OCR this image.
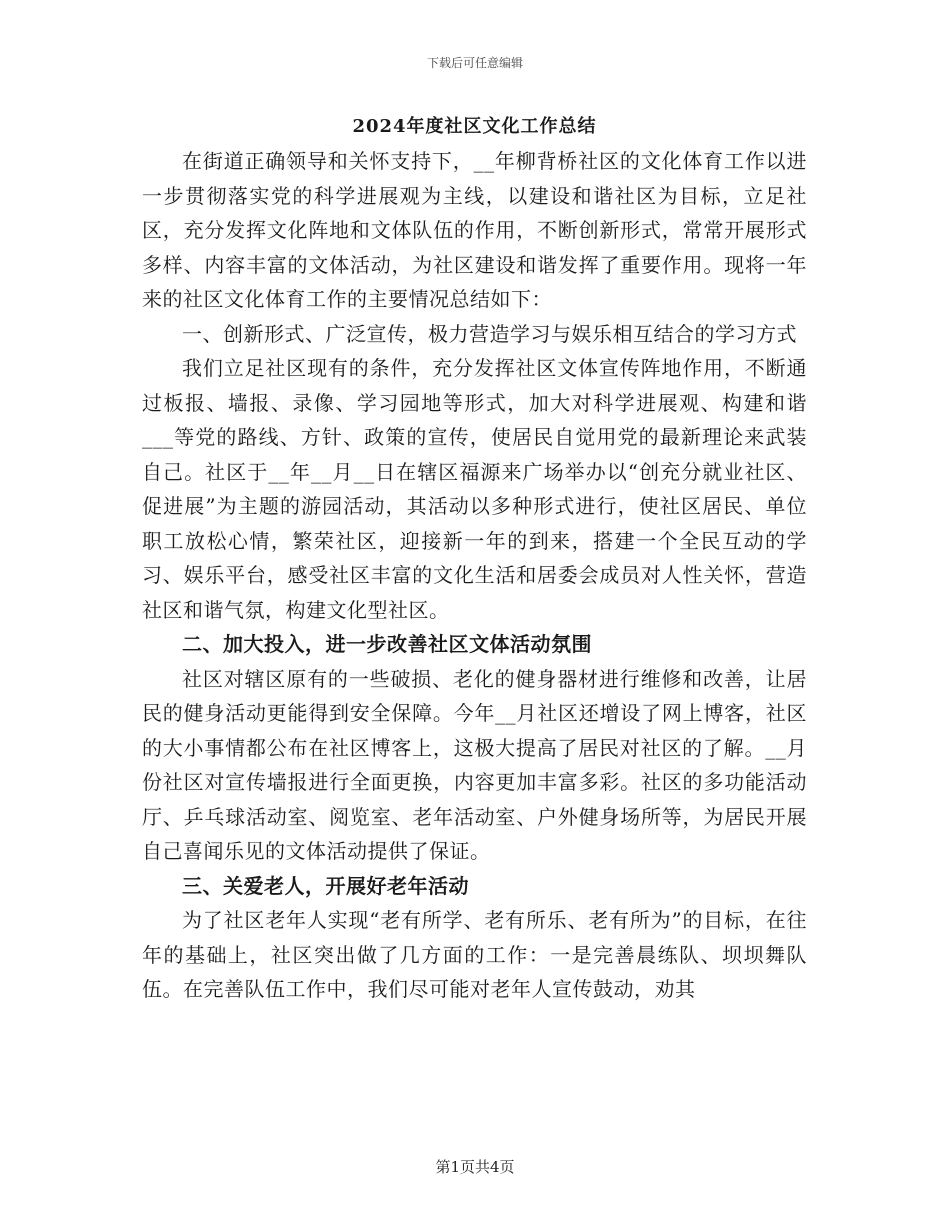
下载后可任意编辑
2024年度社区文化工作总结

在街道正确领导和关怀支持下，__年柳背桥社区的文化体育工作以进一步贯彻落实党的科学进展观为主线，以建设和谐社区为目标，立足社区，充分发挥文化阵地和文体队伍的作用，不断创新形式，常常开展形式多样、内容丰富的文体活动，为社区建设和谐发挥了重要作用。现将一年来的社区文化体育工作的主要情况总结如下：

一、创新形式、广泛宣传，极力营造学习与娱乐相互结合的学习方式

我们立足社区现有的条件，充分发挥社区文体宣传阵地作用，不断通过板报、墙报、录像、学习园地等形式，加大对科学进展观、构建和谐___等党的路线、方针、政策的宣传，使居民自觉用党的最新理论来武装自己。社区于__年__月__日在辖区福源来广场举办以“创充分就业社区、促进展”为主题的游园活动，其活动以多种形式进行，使社区居民、单位职工放松心情，繁荣社区，迎接新一年的到来，搭建一个全民互动的学习、娱乐平台，感受社区丰富的文化生活和居委会成员对人性关怀，营造社区和谐气氛，构建文化型社区。

二、加大投入，进一步改善社区文体活动氛围

社区对辖区原有的一些破损、老化的健身器材进行维修和改善，让居民的健身活动更能得到安全保障。今年__月社区还增设了网上博客，社区的大小事情都公布在社区博客上，这极大提高了居民对社区的了解。__月份社区对宣传墙报进行全面更换，内容更加丰富多彩。社区的多功能活动厅、乒乓球活动室、阅览室、老年活动室、户外健身场所等，为居民开展自己喜闻乐见的文体活动提供了保证。

三、关爱老人，开展好老年活动

为了社区老年人实现“老有所学、老有所乐、老有所为”的目标，在往年的基础上，社区突出做了几方面的工作：一是完善晨练队、坝坝舞队伍。在完善队伍工作中，我们尽可能对老年人宣传鼓动，劝其

第1页共4页
